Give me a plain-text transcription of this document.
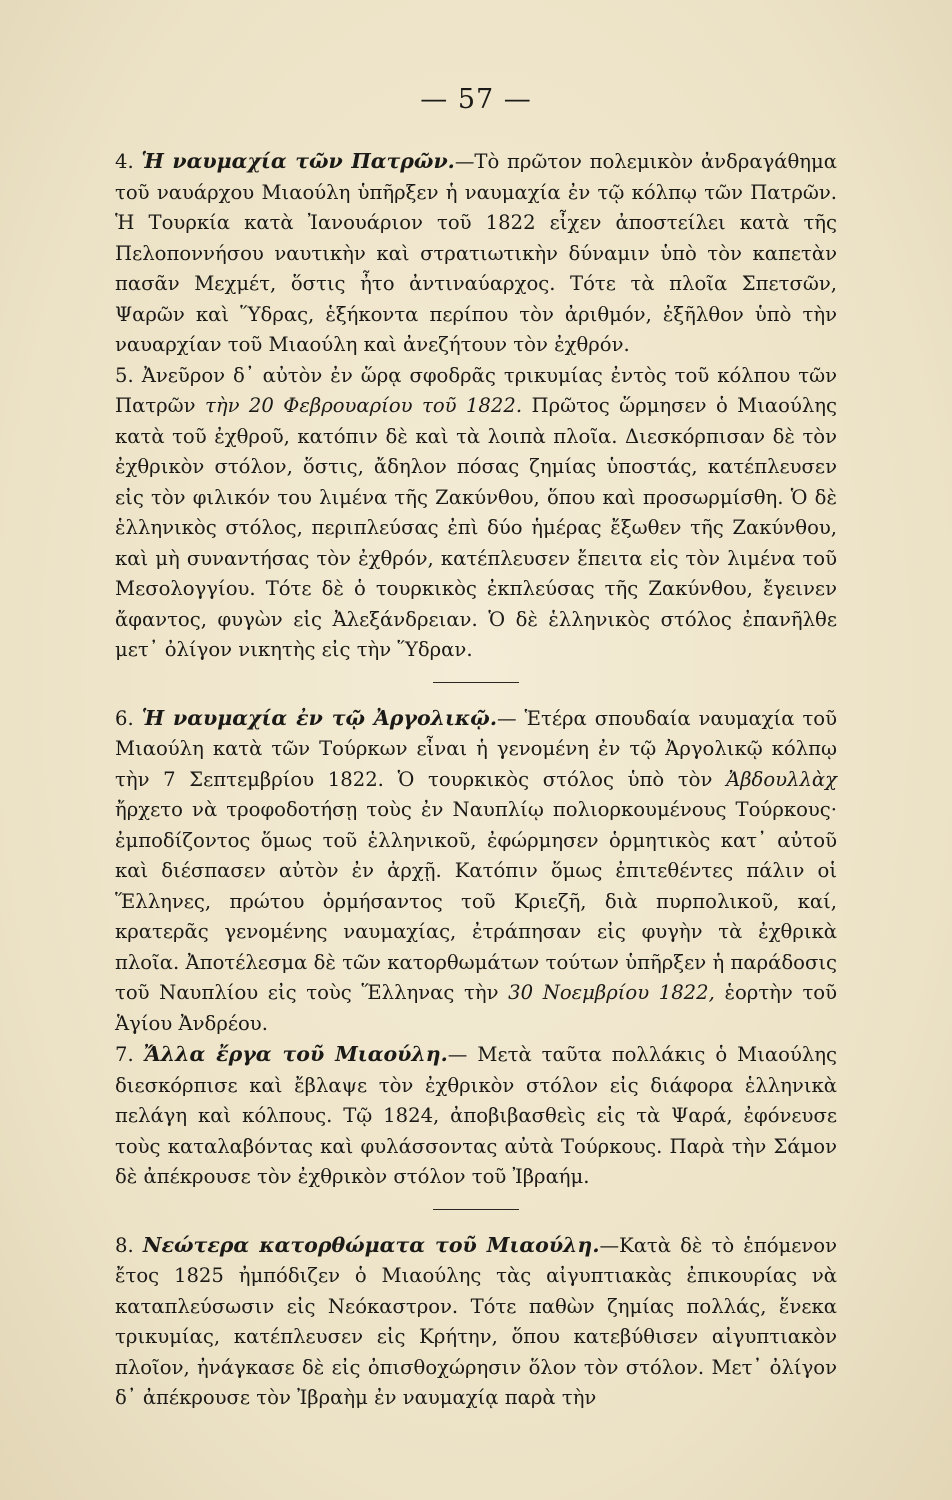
— 57 —

4. Ἡ ναυμαχία τῶν Πατρῶν.—Τὸ πρῶτον πολεμικὸν ἀνδραγάθημα τοῦ ναυάρχου Μιαούλη ὑπῆρξεν ἡ ναυμαχία ἐν τῷ κόλπῳ τῶν Πατρῶν. Ἡ Τουρκία κατὰ Ἰανουάριον τοῦ 1822 εἶχεν ἀποστείλει κατὰ τῆς Πελοποννήσου ναυτικὴν καὶ στρατιωτικὴν δύναμιν ὑπὸ τὸν καπετὰν πασᾶν Μεχμέτ, ὅστις ἦτο ἀντιναύαρχος. Τότε τὰ πλοῖα Σπετσῶν, Ψαρῶν καὶ Ὕδρας, ἑξήκοντα περίπου τὸν ἀριθμόν, ἐξῆλθον ὑπὸ τὴν ναυαρχίαν τοῦ Μιαούλη καὶ ἀνεζήτουν τὸν ἐχθρόν.

5. Ἀνεῦρον δ᾽ αὐτὸν ἐν ὥρᾳ σφοδρᾶς τρικυμίας ἐντὸς τοῦ κόλπου τῶν Πατρῶν τὴν 20 Φεβρουαρίου τοῦ 1822. Πρῶτος ὥρμησεν ὁ Μιαούλης κατὰ τοῦ ἐχθροῦ, κατόπιν δὲ καὶ τὰ λοιπὰ πλοῖα. Διεσκόρπισαν δὲ τὸν ἐχθρικὸν στόλον, ὅστις, ἄδηλον πόσας ζημίας ὑποστάς, κατέπλευσεν εἰς τὸν φιλικόν του λιμένα τῆς Ζακύνθου, ὅπου καὶ προσωρμίσθη. Ὁ δὲ ἑλληνικὸς στόλος, περιπλεύσας ἐπὶ δύο ἡμέρας ἔξωθεν τῆς Ζακύνθου, καὶ μὴ συναντήσας τὸν ἐχθρόν, κατέπλευσεν ἔπειτα εἰς τὸν λιμένα τοῦ Μεσολογγίου. Τότε δὲ ὁ τουρκικὸς ἐκπλεύσας τῆς Ζακύνθου, ἔγεινεν ἄφαντος, φυγὼν εἰς Ἀλεξάνδρειαν. Ὁ δὲ ἑλληνικὸς στόλος ἐπανῆλθε μετ᾽ ὀλίγον νικητὴς εἰς τὴν Ὕδραν.

6. Ἡ ναυμαχία ἐν τῷ Ἀργολικῷ.— Ἑτέρα σπουδαία ναυμαχία τοῦ Μιαούλη κατὰ τῶν Τούρκων εἶναι ἡ γενομένη ἐν τῷ Ἀργολικῷ κόλπῳ τὴν 7 Σεπτεμβρίου 1822. Ὁ τουρκικὸς στόλος ὑπὸ τὸν Ἀβδουλλὰχ ἤρχετο νὰ τροφοδοτήσῃ τοὺς ἐν Ναυπλίῳ πολιορκουμένους Τούρκους· ἐμποδίζοντος ὅμως τοῦ ἑλληνικοῦ, ἐφώρμησεν ὁρμητικὸς κατ᾽ αὐτοῦ καὶ διέσπασεν αὐτὸν ἐν ἀρχῇ. Κατόπιν ὅμως ἐπιτεθέντες πάλιν οἱ Ἕλληνες, πρώτου ὁρμήσαντος τοῦ Κριεζῆ, διὰ πυρπολικοῦ, καί, κρατερᾶς γενομένης ναυμαχίας, ἐτράπησαν εἰς φυγὴν τὰ ἐχθρικὰ πλοῖα. Ἀποτέλεσμα δὲ τῶν κατορθωμάτων τούτων ὑπῆρξεν ἡ παράδοσις τοῦ Ναυπλίου εἰς τοὺς Ἕλληνας τὴν 30 Νοεμβρίου 1822, ἑορτὴν τοῦ Ἁγίου Ἀνδρέου.

7. Ἄλλα ἔργα τοῦ Μιαούλη.— Μετὰ ταῦτα πολλάκις ὁ Μιαούλης διεσκόρπισε καὶ ἔβλαψε τὸν ἐχθρικὸν στόλον εἰς διάφορα ἑλληνικὰ πελάγη καὶ κόλπους. Τῷ 1824, ἀποβιβασθεὶς εἰς τὰ Ψαρά, ἐφόνευσε τοὺς καταλαβόντας καὶ φυλάσσοντας αὐτὰ Τούρκους. Παρὰ τὴν Σάμον δὲ ἀπέκρουσε τὸν ἐχθρικὸν στόλον τοῦ Ἰβραήμ.

8. Νεώτερα κατορθώματα τοῦ Μιαούλη.—Κατὰ δὲ τὸ ἑπόμενον ἔτος 1825 ἠμπόδιζεν ὁ Μιαούλης τὰς αἰγυπτιακὰς ἐπικουρίας νὰ καταπλεύσωσιν εἰς Νεόκαστρον. Τότε παθὼν ζημίας πολλάς, ἕνεκα τρικυμίας, κατέπλευσεν εἰς Κρήτην, ὅπου κατεβύθισεν αἰγυπτιακὸν πλοῖον, ἠνάγκασε δὲ εἰς ὀπισθοχώρησιν ὅλον τὸν στόλον. Μετ᾽ ὀλίγον δ᾽ ἀπέκρουσε τὸν Ἰβραὴμ ἐν ναυμαχίᾳ παρὰ τὴν
